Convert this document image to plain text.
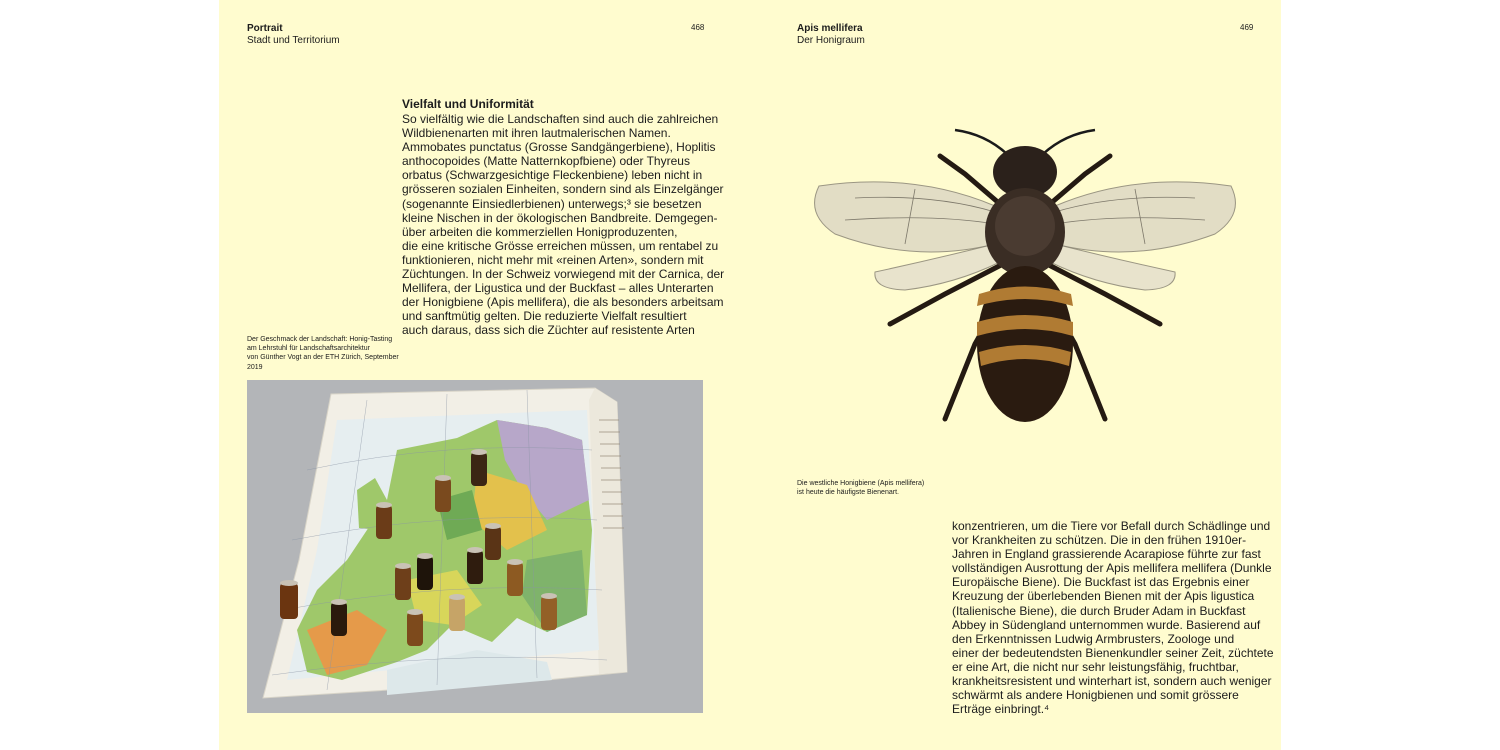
Portrait
Stadt und Territorium
468
Vielfalt und Uniformität
So vielfältig wie die Landschaften sind auch die zahlreichen
Wildbienenarten mit ihren lautmalerischen Namen.
Ammobates punctatus (Grosse Sandgängerbiene), Hoplitis
anthocopoides (Matte Natternkopfbiene) oder Thyreus
orbatus (Schwarzgesichtige Fleckenbiene) leben nicht in
grösseren sozialen Einheiten, sondern sind als Einzelgänger
(sogenannte Einsiedlerbienen) unterwegs;³ sie besetzen
kleine Nischen in der ökologischen Bandbreite. Demgegen-
über arbeiten die kommerziellen Honigproduzenten,
die eine kritische Grösse erreichen müssen, um rentabel zu
funktionieren, nicht mehr mit «reinen Arten», sondern mit
Züchtungen. In der Schweiz vorwiegend mit der Carnica, der
Mellifera, der Ligustica und der Buckfast – alles Unterarten
der Honigbiene (Apis mellifera), die als besonders arbeitsam
und sanftmütig gelten. Die reduzierte Vielfalt resultiert
auch daraus, dass sich die Züchter auf resistente Arten
Der Geschmack der Landschaft: Honig-Tasting
am Lehrstuhl für Landschaftsarchitektur
von Günther Vogt an der ETH Zürich, September
2019
Apis mellifera
Der Honigraum
469
Die westliche Honigbiene (Apis mellifera)
ist heute die häufigste Bienenart.
konzentrieren, um die Tiere vor Befall durch Schädlinge und
vor Krankheiten zu schützen. Die in den frühen 1910er-
Jahren in England grassierende Acarapiose führte zur fast
vollständigen Ausrottung der Apis mellifera mellifera (Dunkle
Europäische Biene). Die Buckfast ist das Ergebnis einer
Kreuzung der überlebenden Bienen mit der Apis ligustica
(Italienische Biene), die durch Bruder Adam in Buckfast
Abbey in Südengland unternommen wurde. Basierend auf
den Erkenntnissen Ludwig Armbrusters, Zoologe und
einer der bedeutendsten Bienenkundler seiner Zeit, züchtete
er eine Art, die nicht nur sehr leistungsfähig, fruchtbar,
krankheitsresistent und winterhart ist, sondern auch weniger
schwärmt als andere Honigbienen und somit grössere
Erträge einbringt.⁴
